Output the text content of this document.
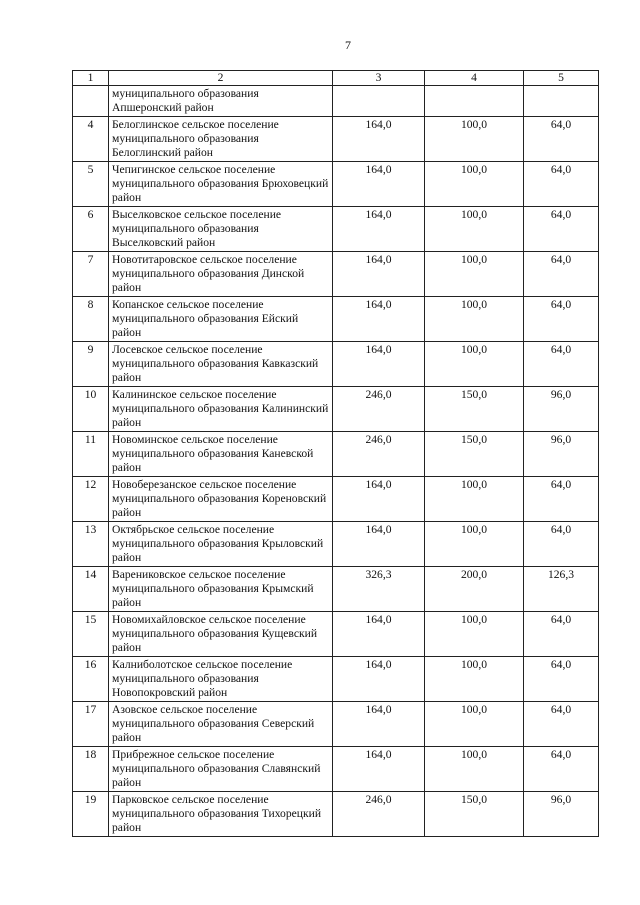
7
1	2	3	4	5
	муниципального образования Апшеронский район			
4	Белоглинское сельское поселение муниципального образования Белоглинский район	164,0	100,0	64,0
5	Чепигинское сельское поселение муниципального образования Брюховецкий район	164,0	100,0	64,0
6	Выселковское сельское поселение муниципального образования Выселковский район	164,0	100,0	64,0
7	Новотитаровское сельское поселение муниципального образования Динской район	164,0	100,0	64,0
8	Копанское сельское поселение муниципального образования Ейский район	164,0	100,0	64,0
9	Лосевское сельское поселение муниципального образования Кавказский район	164,0	100,0	64,0
10	Калининское сельское поселение муниципального образования Калининский район	246,0	150,0	96,0
11	Новоминское сельское поселение муниципального образования Каневской район	246,0	150,0	96,0
12	Новоберезанское сельское поселение муниципального образования Кореновский район	164,0	100,0	64,0
13	Октябрьское сельское поселение муниципального образования Крыловский район	164,0	100,0	64,0
14	Варениковское сельское поселение муниципального образования Крымский район	326,3	200,0	126,3
15	Новомихайловское сельское поселение муниципального образования Кущевский район	164,0	100,0	64,0
16	Калниболотское сельское поселение муниципального образования Новопокровский район	164,0	100,0	64,0
17	Азовское сельское поселение муниципального образования Северский район	164,0	100,0	64,0
18	Прибрежное сельское поселение муниципального образования Славянский район	164,0	100,0	64,0
19	Парковское сельское поселение муниципального образования Тихорецкий район	246,0	150,0	96,0
